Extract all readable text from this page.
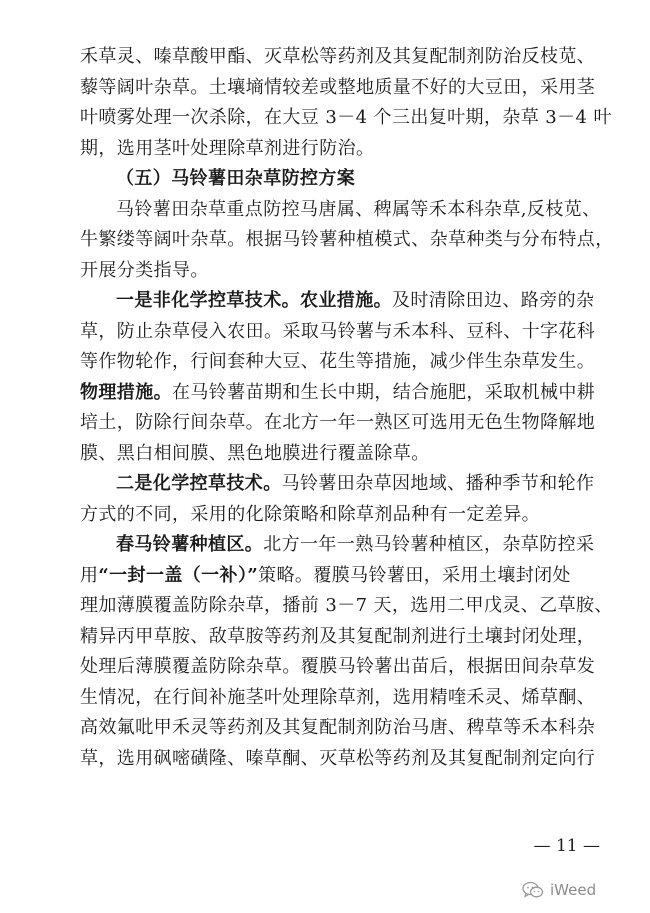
禾草灵、嗪草酸甲酯、灭草松等药剂及其复配制剂防治反枝苋、
藜等阔叶杂草。土壤墒情较差或整地质量不好的大豆田，采用茎
叶喷雾处理一次杀除，在大豆 3－4 个三出复叶期，杂草 3－4 叶
期，选用茎叶处理除草剂进行防治。
（五）马铃薯田杂草防控方案
马铃薯田杂草重点防控马唐属、稗属等禾本科杂草,反枝苋、
牛繁缕等阔叶杂草。根据马铃薯种植模式、杂草种类与分布特点，
开展分类指导。
一是非化学控草技术。农业措施。及时清除田边、路旁的杂
草，防止杂草侵入农田。采取马铃薯与禾本科、豆科、十字花科
等作物轮作，行间套种大豆、花生等措施，减少伴生杂草发生。
物理措施。在马铃薯苗期和生长中期，结合施肥，采取机械中耕
培土，防除行间杂草。在北方一年一熟区可选用无色生物降解地
膜、黑白相间膜、黑色地膜进行覆盖除草。
二是化学控草技术。马铃薯田杂草因地域、播种季节和轮作
方式的不同，采用的化除策略和除草剂品种有一定差异。
春马铃薯种植区。北方一年一熟马铃薯种植区，杂草防控采
用“一封一盖（一补）”策略。覆膜马铃薯田，采用土壤封闭处
理加薄膜覆盖防除杂草，播前 3－7 天，选用二甲戊灵、乙草胺、
精异丙甲草胺、敌草胺等药剂及其复配制剂进行土壤封闭处理，
处理后薄膜覆盖防除杂草。覆膜马铃薯出苗后，根据田间杂草发
生情况，在行间补施茎叶处理除草剂，选用精喹禾灵、烯草酮、
高效氟吡甲禾灵等药剂及其复配制剂防治马唐、稗草等禾本科杂
草，选用砜嘧磺隆、嗪草酮、灭草松等药剂及其复配制剂定向行
— 11 —
iWeed
